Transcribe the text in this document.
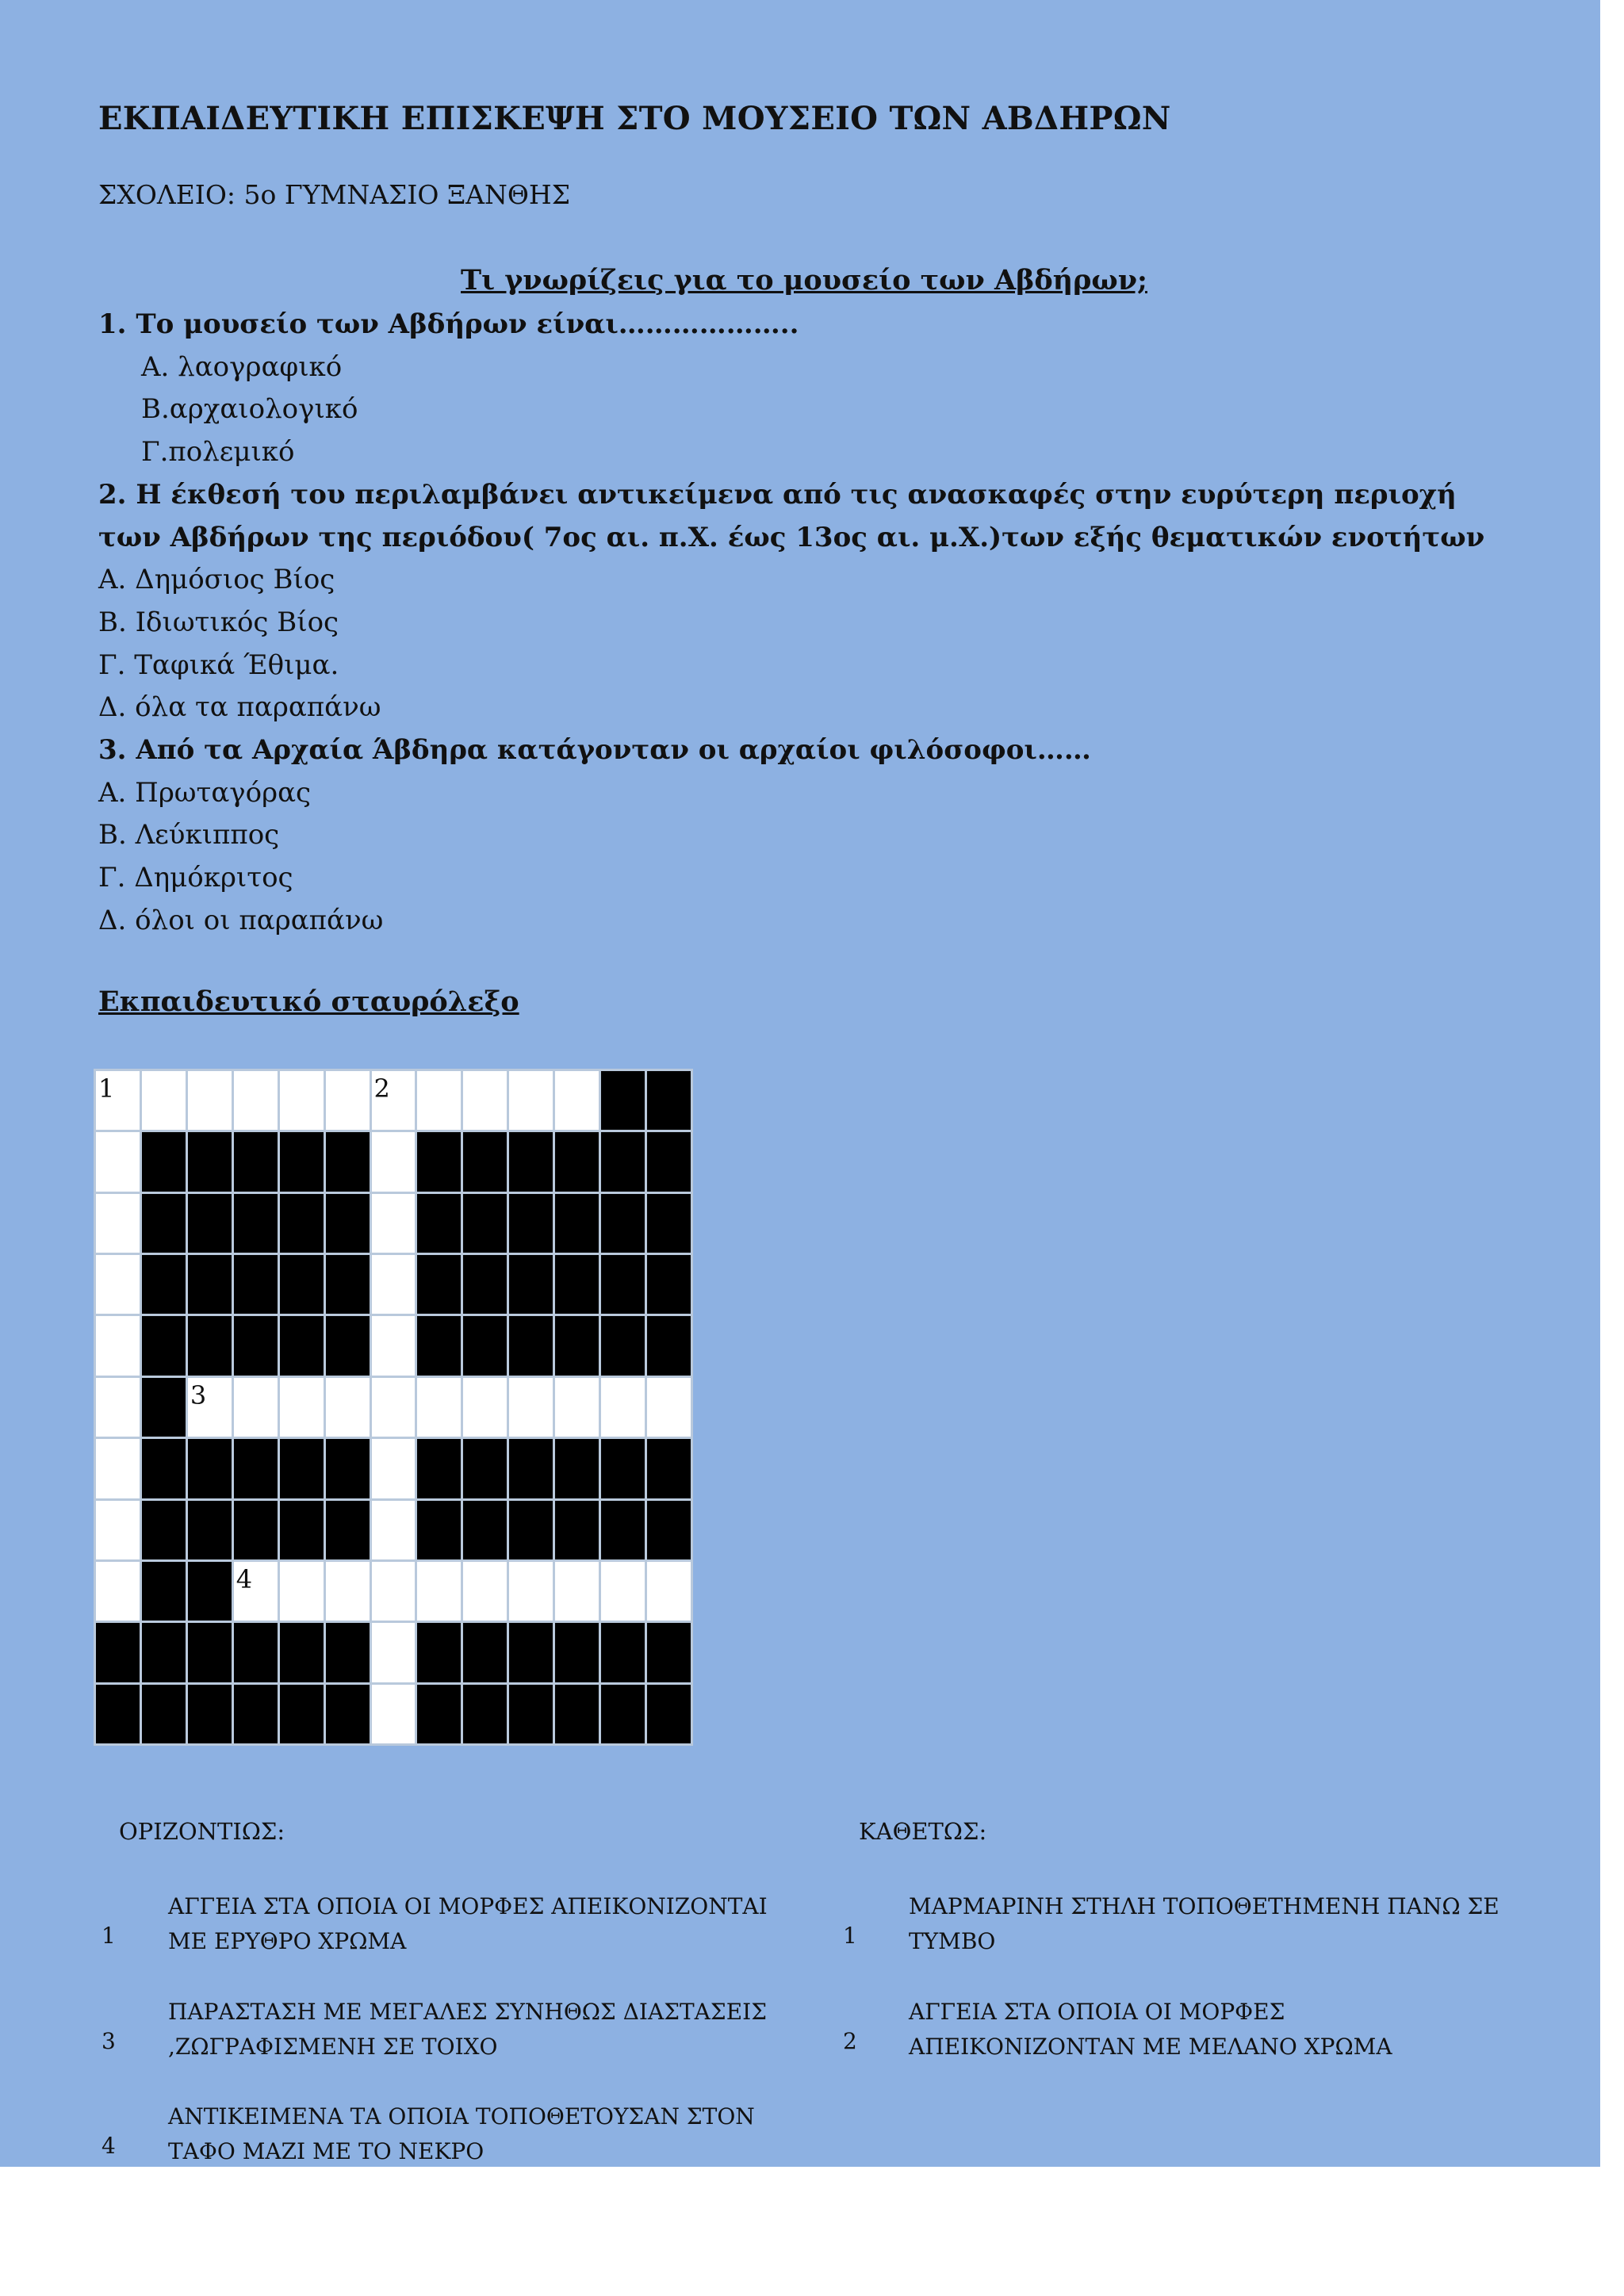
ΕΚΠΑΙΔΕΥΤΙΚΗ ΕΠΙΣΚΕΨΗ ΣΤΟ ΜΟΥΣΕΙΟ ΤΩΝ ΑΒΔΗΡΩΝ
ΣΧΟΛΕΙΟ: 5ο ΓΥΜΝΑΣΙΟ ΞΑΝΘΗΣ
Τι γνωρίζεις για το μουσείο των Αβδήρων;
1. Το μουσείο των Αβδήρων είναι………………..
Α. λαογραφικό
Β.αρχαιολογικό
Γ.πολεμικό
2. Η έκθεσή του περιλαμβάνει αντικείμενα από τις ανασκαφές στην ευρύτερη περιοχή των Αβδήρων της περιόδου( 7ος αι. π.Χ. έως 13ος αι. μ.Χ.)των εξής θεματικών ενοτήτων
Α. Δημόσιος Βίος
Β. Ιδιωτικός Βίος
Γ. Ταφικά Έθιμα.
Δ. όλα τα παραπάνω
3. Από τα Αρχαία Άβδηρα κατάγονταν οι αρχαίοι φιλόσοφοι……
Α. Πρωταγόρας
Β. Λεύκιππος
Γ. Δημόκριτος
Δ. όλοι οι παραπάνω
Εκπαιδευτικό σταυρόλεξο
1	2
3
4
ΟΡΙΖΟΝΤΙΩΣ:	ΚΑΘΕΤΩΣ:
1
ΑΓΓΕΙΑ ΣΤΑ ΟΠΟΙΑ ΟΙ ΜΟΡΦΕΣ ΑΠΕΙΚΟΝΙΖΟΝΤΑΙ ΜΕ ΕΡΥΘΡΟ ΧΡΩΜΑ
3
ΠΑΡΑΣΤΑΣΗ ΜΕ ΜΕΓΑΛΕΣ ΣΥΝΗΘΩΣ ΔΙΑΣΤΑΣΕΙΣ ,ΖΩΓΡΑΦΙΣΜΕΝΗ ΣΕ ΤΟΙΧΟ
4
ΑΝΤΙΚΕΙΜΕΝΑ ΤΑ ΟΠΟΙΑ ΤΟΠΟΘΕΤΟΥΣΑΝ ΣΤΟΝ ΤΑΦΟ ΜΑΖΙ ΜΕ ΤΟ ΝΕΚΡΟ
1
ΜΑΡΜΑΡΙΝΗ ΣΤΗΛΗ ΤΟΠΟΘΕΤΗΜΕΝΗ ΠΑΝΩ ΣΕ ΤΥΜΒΟ
2
ΑΓΓΕΙΑ ΣΤΑ ΟΠΟΙΑ ΟΙ ΜΟΡΦΕΣ ΑΠΕΙΚΟΝΙΖΟΝΤΑΝ ΜΕ ΜΕΛΑΝΟ ΧΡΩΜΑ
